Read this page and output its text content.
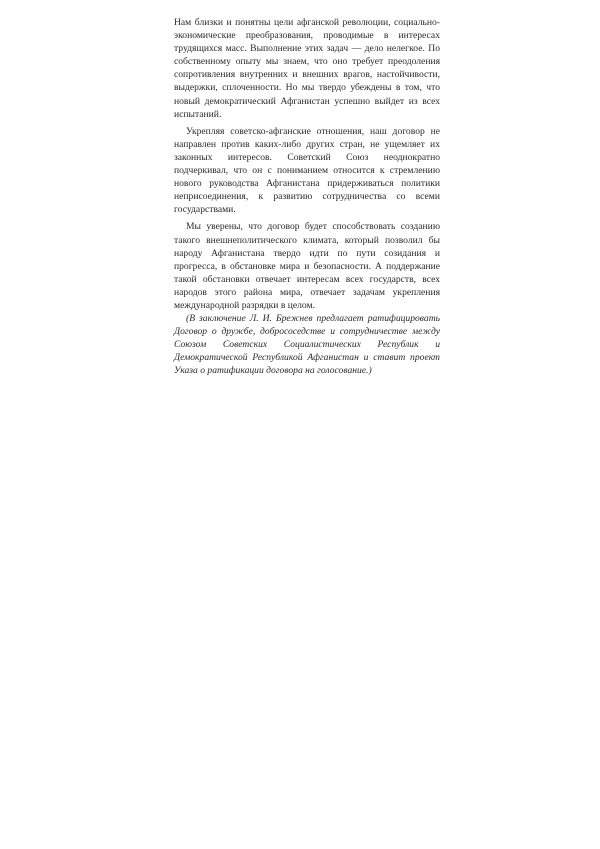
Нам близки и понятны цели афганской революции, социально-экономические преобразования, проводимые в интересах трудящихся масс. Выполнение этих задач — дело нелегкое. По собственному опыту мы знаем, что оно требует преодоления сопротивления внутренних и внешних врагов, настойчивости, выдержки, сплоченности. Но мы твердо убеждены в том, что новый демократический Афганистан успешно выйдет из всех испытаний.

Укрепляя советско-афганские отношения, наш договор не направлен против каких-либо других стран, не ущемляет их законных интересов. Советский Союз неоднократно подчеркивал, что он с пониманием относится к стремлению нового руководства Афганистана придерживаться политики неприсоединения, к развитию сотрудничества со всеми государствами.

Мы уверены, что договор будет способствовать созданию такого внешнеполитического климата, который позволил бы народу Афганистана твердо идти по пути созидания и прогресса, в обстановке мира и безопасности. А поддержание такой обстановки отвечает интересам всех государств, всех народов этого района мира, отвечает задачам укрепления международной разрядки в целом.

(В заключение Л. И. Брежнев предлагает ратифицировать Договор о дружбе, добрососедстве и сотрудничестве между Союзом Советских Социалистических Республик и Демократической Республикой Афганистан и ставит проект Указа о ратификации договора на голосование.)
